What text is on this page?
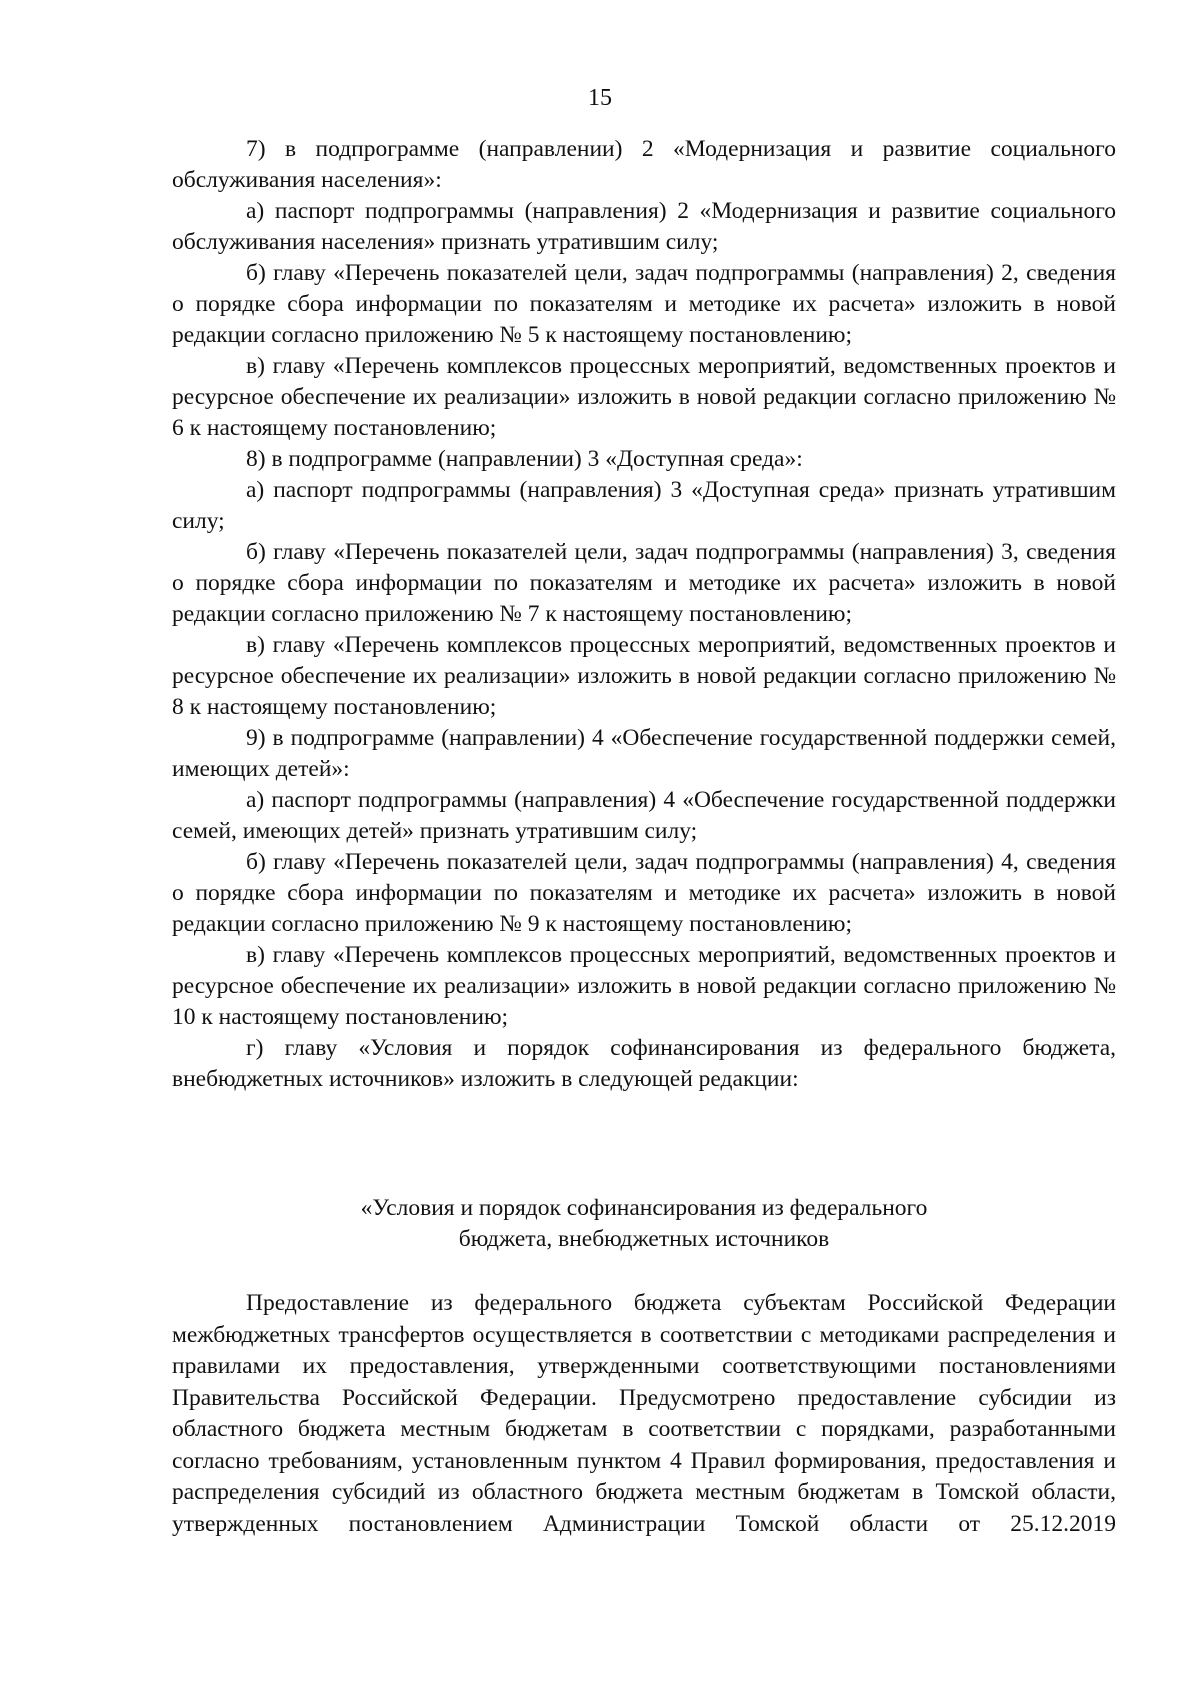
15

7) в подпрограмме (направлении) 2 «Модернизация и развитие социального обслуживания населения»:

а) паспорт подпрограммы (направления) 2 «Модернизация и развитие социального обслуживания населения» признать утратившим силу;

б) главу «Перечень показателей цели, задач подпрограммы (направления) 2, сведения о порядке сбора информации по показателям и методике их расчета» изложить в новой редакции согласно приложению № 5 к настоящему постановлению;

в) главу «Перечень комплексов процессных мероприятий, ведомственных проектов и ресурсное обеспечение их реализации» изложить в новой редакции согласно приложению № 6 к настоящему постановлению;

8) в подпрограмме (направлении) 3 «Доступная среда»:

а) паспорт подпрограммы (направления) 3 «Доступная среда» признать утратившим силу;

б) главу «Перечень показателей цели, задач подпрограммы (направления) 3, сведения о порядке сбора информации по показателям и методике их расчета» изложить в новой редакции согласно приложению № 7 к настоящему постановлению;

в) главу «Перечень комплексов процессных мероприятий, ведомственных проектов и ресурсное обеспечение их реализации» изложить в новой редакции согласно приложению № 8 к настоящему постановлению;

9) в подпрограмме (направлении) 4 «Обеспечение государственной поддержки семей, имеющих детей»:

а) паспорт подпрограммы (направления) 4 «Обеспечение государственной поддержки семей, имеющих детей» признать утратившим силу;

б) главу «Перечень показателей цели, задач подпрограммы (направления) 4, сведения о порядке сбора информации по показателям и методике их расчета» изложить в новой редакции согласно приложению № 9 к настоящему постановлению;

в) главу «Перечень комплексов процессных мероприятий, ведомственных проектов и ресурсное обеспечение их реализации» изложить в новой редакции согласно приложению № 10 к настоящему постановлению;

г) главу «Условия и порядок софинансирования из федерального бюджета, внебюджетных источников» изложить в следующей редакции:

«Условия и порядок софинансирования из федерального
бюджета, внебюджетных источников

Предоставление из федерального бюджета субъектам Российской Федерации межбюджетных трансфертов осуществляется в соответствии с методиками распределения и правилами их предоставления, утвержденными соответствующими постановлениями Правительства Российской Федерации. Предусмотрено предоставление субсидии из областного бюджета местным бюджетам в соответствии с порядками, разработанными согласно требованиям, установленным пунктом 4 Правил формирования, предоставления и распределения субсидий из областного бюджета местным бюджетам в Томской области, утвержденных постановлением Администрации Томской области от 25.12.2019
